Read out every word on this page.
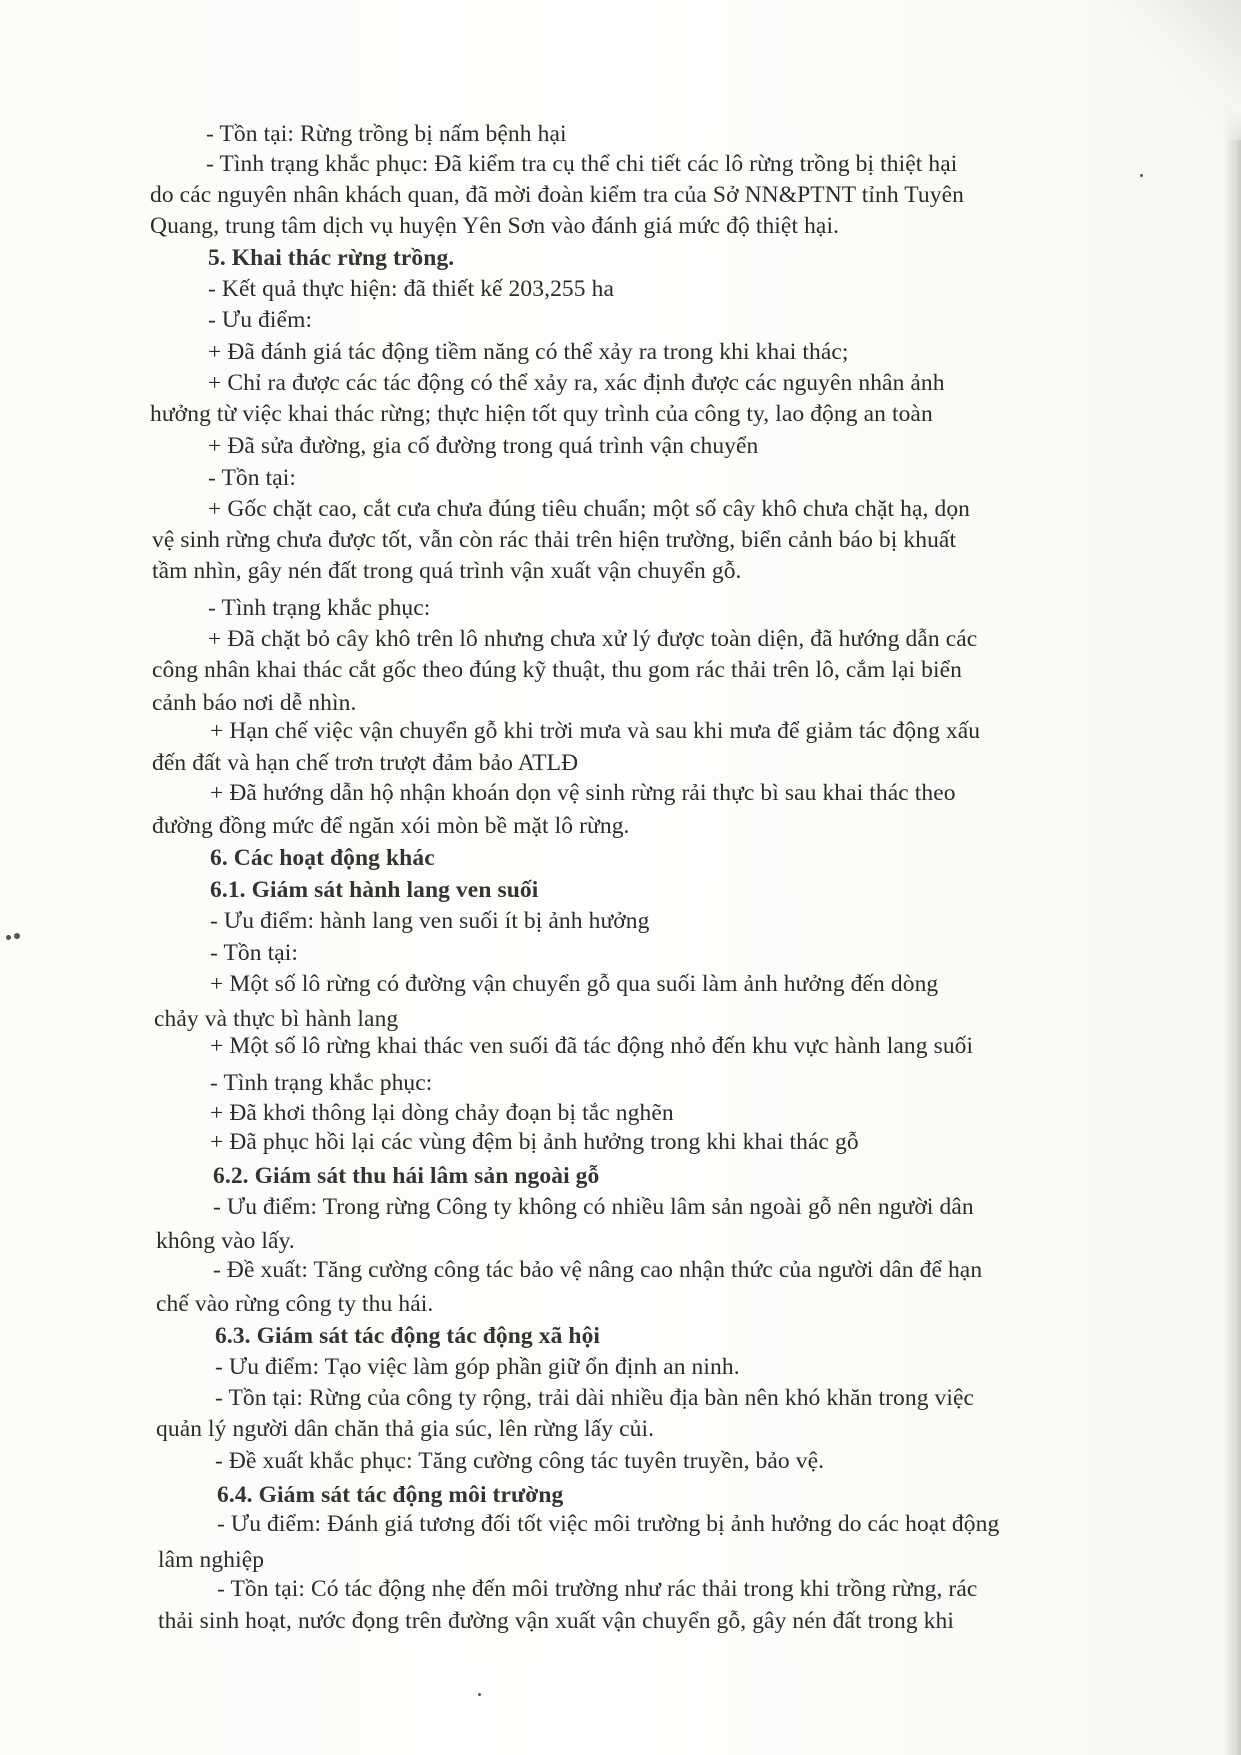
- Tồn tại: Rừng trồng bị nấm bệnh hại
- Tình trạng khắc phục: Đã kiểm tra cụ thể chi tiết các lô rừng trồng bị thiệt hại
do các nguyên nhân khách quan, đã mời đoàn kiểm tra của Sở NN&PTNT tỉnh Tuyên
Quang, trung tâm dịch vụ huyện Yên Sơn vào đánh giá mức độ thiệt hại.
5. Khai thác rừng trồng.
- Kết quả thực hiện: đã thiết kế 203,255 ha
- Ưu điểm:
+ Đã đánh giá tác động tiềm năng có thể xảy ra trong khi khai thác;
+ Chỉ ra được các tác động có thể xảy ra, xác định được các nguyên nhân ảnh
hưởng từ việc khai thác rừng; thực hiện tốt quy trình của công ty, lao động an toàn
+ Đã sửa đường, gia cố đường trong quá trình vận chuyển
- Tồn tại:
+ Gốc chặt cao, cắt cưa chưa đúng tiêu chuẩn; một số cây khô chưa chặt hạ, dọn
vệ sinh rừng chưa được tốt, vẫn còn rác thải trên hiện trường, biển cảnh báo bị khuất
tầm nhìn, gây nén đất trong quá trình vận xuất vận chuyển gỗ.
- Tình trạng khắc phục:
+ Đã chặt bỏ cây khô trên lô nhưng chưa xử lý được toàn diện, đã hướng dẫn các
công nhân khai thác cắt gốc theo đúng kỹ thuật, thu gom rác thải trên lô, cắm lại biển
cảnh báo nơi dễ nhìn.
+ Hạn chế việc vận chuyển gỗ khi trời mưa và sau khi mưa để giảm tác động xấu
đến đất và hạn chế trơn trượt đảm bảo ATLĐ
+ Đã hướng dẫn hộ nhận khoán dọn vệ sinh rừng rải thực bì sau khai thác theo
đường đồng mức để ngăn xói mòn bề mặt lô rừng.
6. Các hoạt động khác
6.1. Giám sát hành lang ven suối
- Ưu điểm: hành lang ven suối ít bị ảnh hưởng
- Tồn tại:
+ Một số lô rừng có đường vận chuyển gỗ qua suối làm ảnh hưởng đến dòng
chảy và thực bì hành lang
+ Một số lô rừng khai thác ven suối đã tác động nhỏ đến khu vực hành lang suối
- Tình trạng khắc phục:
+ Đã khơi thông lại dòng chảy đoạn bị tắc nghẽn
+ Đã phục hồi lại các vùng đệm bị ảnh hưởng trong khi khai thác gỗ
6.2. Giám sát thu hái lâm sản ngoài gỗ
- Ưu điểm: Trong rừng Công ty không có nhiều lâm sản ngoài gỗ nên người dân
không vào lấy.
- Đề xuất: Tăng cường công tác bảo vệ nâng cao nhận thức của người dân để hạn
chế vào rừng công ty thu hái.
6.3. Giám sát tác động tác động xã hội
- Ưu điểm: Tạo việc làm góp phần giữ ổn định an ninh.
- Tồn tại: Rừng của công ty rộng, trải dài nhiều địa bàn nên khó khăn trong việc
quản lý người dân chăn thả gia súc, lên rừng lấy củi.
- Đề xuất khắc phục: Tăng cường công tác tuyên truyền, bảo vệ.
6.4. Giám sát tác động môi trường
- Ưu điểm: Đánh giá tương đối tốt việc môi trường bị ảnh hưởng do các hoạt động
lâm nghiệp
- Tồn tại: Có tác động nhẹ đến môi trường như rác thải trong khi trồng rừng, rác
thải sinh hoạt, nước đọng trên đường vận xuất vận chuyển gỗ, gây nén đất trong khi
